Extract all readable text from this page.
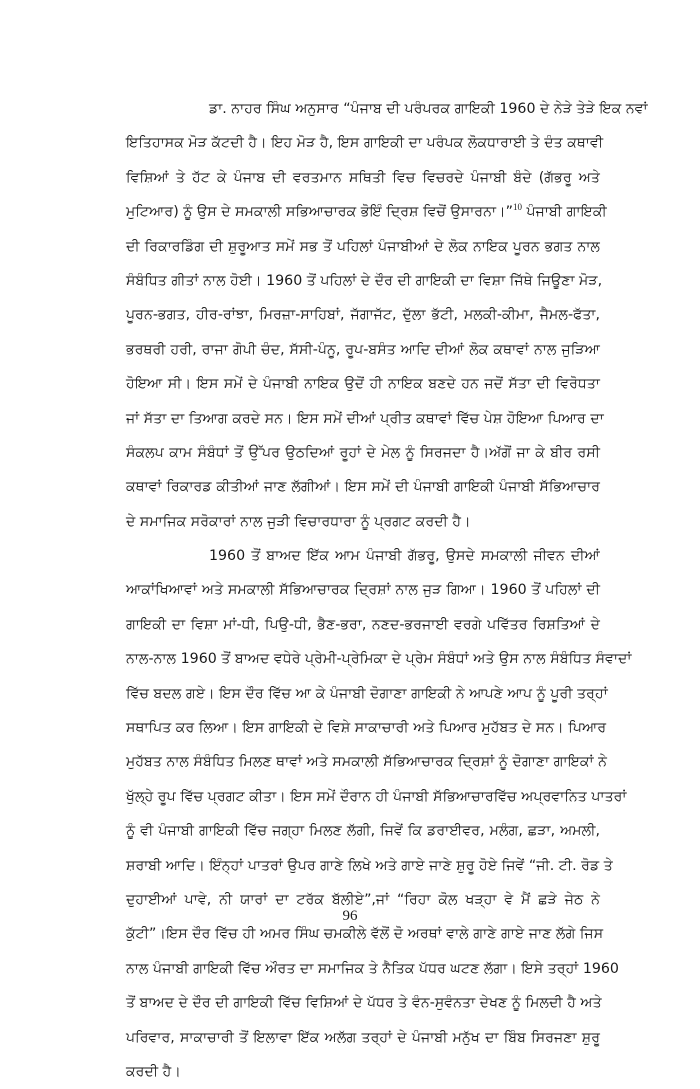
ਡਾ. ਨਾਹਰ ਸਿੰਘ ਅਨੁਸਾਰ “ਪੰਜਾਬ ਦੀ ਪਰੰਪਰਕ ਗਾਇਕੀ 1960 ਦੇ ਨੇੜੇ ਤੇੜੇ ਇਕ ਨਵਾਂ
ਇਤਿਹਾਸਕ ਮੋੜ ਕੱਟਦੀ ਹੈ। ਇਹ ਮੋੜ ਹੈ, ਇਸ ਗਾਇਕੀ ਦਾ ਪਰੰਪਕ ਲੋਕਧਾਰਾਈ ਤੇ ਦੰਤ ਕਥਾਵੀ
ਵਿਸ਼ਿਆਂ ਤੇ ਹੱਟ ਕੇ ਪੰਜਾਬ ਦੀ ਵਰਤਮਾਨ ਸਥਿਤੀ ਵਿਚ ਵਿਚਰਦੇ ਪੰਜਾਬੀ ਬੰਦੇ (ਗੱਭਰੂ ਅਤੇ
ਮੁਟਿਆਰ) ਨੂੰ ਉਸ ਦੇ ਸਮਕਾਲੀ ਸਭਿਆਚਾਰਕ ਭੋਇੰ ਦ੍ਰਿਸ਼ ਵਿਚੋਂ ਉਸਾਰਨਾ।”$^{10}$ ਪੰਜਾਬੀ ਗਾਇਕੀ
ਦੀ ਰਿਕਾਰਡਿੰਗ ਦੀ ਸ਼ੁਰੂਆਤ ਸਮੇਂ ਸਭ ਤੋਂ ਪਹਿਲਾਂ ਪੰਜਾਬੀਆਂ ਦੇ ਲੋਕ ਨਾਇਕ ਪੂਰਨ ਭਗਤ ਨਾਲ
ਸੰਬੰਧਿਤ ਗੀਤਾਂ ਨਾਲ ਹੋਈ। 1960 ਤੋਂ ਪਹਿਲਾਂ ਦੇ ਦੌਰ ਦੀ ਗਾਇਕੀ ਦਾ ਵਿਸ਼ਾ ਜਿੱਥੇ ਜਿਊਣਾ ਮੋੜ,
ਪੂਰਨ-ਭਗਤ, ਹੀਰ-ਰਾਂਝਾ, ਮਿਰਜ਼ਾ-ਸਾਹਿਬਾਂ, ਜੱਗਾਜੱਟ, ਦੁੱਲਾ ਭੱਟੀ, ਮਲਕੀ-ਕੀਮਾ, ਜੈਮਲ-ਫੱਤਾ,
ਭਰਥਰੀ ਹਰੀ, ਰਾਜਾ ਗੋਪੀ ਚੰਦ, ਸੱਸੀ-ਪੰਨੂ, ਰੂਪ-ਬਸੰਤ ਆਦਿ ਦੀਆਂ ਲੋਕ ਕਥਾਵਾਂ ਨਾਲ ਜੁੜਿਆ
ਹੋਇਆ ਸੀ। ਇਸ ਸਮੇਂ ਦੇ ਪੰਜਾਬੀ ਨਾਇਕ ਉਦੋਂ ਹੀ ਨਾਇਕ ਬਣਦੇ ਹਨ ਜਦੋਂ ਸੱਤਾ ਦੀ ਵਿਰੋਧਤਾ
ਜਾਂ ਸੱਤਾ ਦਾ ਤਿਆਗ ਕਰਦੇ ਸਨ। ਇਸ ਸਮੇਂ ਦੀਆਂ ਪ੍ਰੀਤ ਕਥਾਵਾਂ ਵਿੱਚ ਪੇਸ਼ ਹੋਇਆ ਪਿਆਰ ਦਾ
ਸੰਕਲਪ ਕਾਮ ਸੰਬੰਧਾਂ ਤੋਂ ਉੱਪਰ ਉਠਦਿਆਂ ਰੂਹਾਂ ਦੇ ਮੇਲ ਨੂੰ ਸਿਰਜਦਾ ਹੈ।ਅੱਗੋਂ ਜਾ ਕੇ ਬੀਰ ਰਸੀ
ਕਥਾਵਾਂ ਰਿਕਾਰਡ ਕੀਤੀਆਂ ਜਾਣ ਲੱਗੀਆਂ। ਇਸ ਸਮੇਂ ਦੀ ਪੰਜਾਬੀ ਗਾਇਕੀ ਪੰਜਾਬੀ ਸੱਭਿਆਚਾਰ
ਦੇ ਸਮਾਜਿਕ ਸਰੋਕਾਰਾਂ ਨਾਲ ਜੁੜੀ ਵਿਚਾਰਧਾਰਾ ਨੂੰ ਪ੍ਰਗਟ ਕਰਦੀ ਹੈ।
1960 ਤੋਂ ਬਾਅਦ ਇੱਕ ਆਮ ਪੰਜਾਬੀ ਗੱਭਰੂ, ਉਸਦੇ ਸਮਕਾਲੀ ਜੀਵਨ ਦੀਆਂ
ਆਕਾਂਖਿਆਵਾਂ ਅਤੇ ਸਮਕਾਲੀ ਸੱਭਿਆਚਾਰਕ ਦ੍ਰਿਸ਼ਾਂ ਨਾਲ ਜੁੜ ਗਿਆ। 1960 ਤੋਂ ਪਹਿਲਾਂ ਦੀ
ਗਾਇਕੀ ਦਾ ਵਿਸ਼ਾ ਮਾਂ-ਧੀ, ਪਿਉ-ਧੀ, ਭੈਣ-ਭਰਾ, ਨਣਦ-ਭਰਜਾਈ ਵਰਗੇ ਪਵਿੱਤਰ ਰਿਸ਼ਤਿਆਂ ਦੇ
ਨਾਲ-ਨਾਲ 1960 ਤੋਂ ਬਾਅਦ ਵਧੇਰੇ ਪ੍ਰੇਮੀ-ਪ੍ਰੇਮਿਕਾ ਦੇ ਪ੍ਰੇਮ ਸੰਬੰਧਾਂ ਅਤੇ ਉਸ ਨਾਲ ਸੰਬੰਧਿਤ ਸੰਵਾਦਾਂ
ਵਿੱਚ ਬਦਲ ਗਏ। ਇਸ ਦੌਰ ਵਿੱਚ ਆ ਕੇ ਪੰਜਾਬੀ ਦੋਗਾਣਾ ਗਾਇਕੀ ਨੇ ਆਪਣੇ ਆਪ ਨੂੰ ਪੂਰੀ ਤਰ੍ਹਾਂ
ਸਥਾਪਿਤ ਕਰ ਲਿਆ। ਇਸ ਗਾਇਕੀ ਦੇ ਵਿਸ਼ੇ ਸਾਕਾਚਾਰੀ ਅਤੇ ਪਿਆਰ ਮੁਹੱਬਤ ਦੇ ਸਨ। ਪਿਆਰ
ਮੁਹੱਬਤ ਨਾਲ ਸੰਬੰਧਿਤ ਮਿਲਣ ਥਾਵਾਂ ਅਤੇ ਸਮਕਾਲੀ ਸੱਭਿਆਚਾਰਕ ਦ੍ਰਿਸ਼ਾਂ ਨੂੰ ਦੋਗਾਣਾ ਗਾਇਕਾਂ ਨੇ
ਖੁੱਲ੍ਹੇ ਰੂਪ ਵਿੱਚ ਪ੍ਰਗਟ ਕੀਤਾ। ਇਸ ਸਮੇਂ ਦੌਰਾਨ ਹੀ ਪੰਜਾਬੀ ਸੱਭਿਆਚਾਰਵਿੱਚ ਅਪ੍ਰਵਾਨਿਤ ਪਾਤਰਾਂ
ਨੂੰ ਵੀ ਪੰਜਾਬੀ ਗਾਇਕੀ ਵਿੱਚ ਜਗ੍ਹਾ ਮਿਲਣ ਲੱਗੀ, ਜਿਵੇਂ ਕਿ ਡਰਾਈਵਰ, ਮਲੰਗ, ਛੜਾ, ਅਮਲੀ,
ਸ਼ਰਾਬੀ ਆਦਿ। ਇੰਨ੍ਹਾਂ ਪਾਤਰਾਂ ਉਪਰ ਗਾਣੇ ਲਿਖੇ ਅਤੇ ਗਾਏ ਜਾਣੇ ਸ਼ੁਰੂ ਹੋਏ ਜਿਵੇਂ “ਜੀ. ਟੀ. ਰੋਡ ਤੇ
ਦੁਹਾਈਆਂ ਪਾਵੇ, ਨੀ ਯਾਰਾਂ ਦਾ ਟਰੱਕ ਬੱਲੀਏ”,ਜਾਂ “ਰਿਹਾ ਕੋਲ ਖੜ੍ਹਾ ਵੇ ਮੈਂ ਛੜੇ ਜੇਠ ਨੇ
ਕੁੱਟੀ”।ਇਸ ਦੌਰ ਵਿੱਚ ਹੀ ਅਮਰ ਸਿੰਘ ਚਮਕੀਲੇ ਵੱਲੋਂ ਦੋ ਅਰਥਾਂ ਵਾਲੇ ਗਾਣੇ ਗਾਏ ਜਾਣ ਲੱਗੇ ਜਿਸ
ਨਾਲ ਪੰਜਾਬੀ ਗਾਇਕੀ ਵਿੱਚ ਔਰਤ ਦਾ ਸਮਾਜਿਕ ਤੇ ਨੈਤਿਕ ਪੱਧਰ ਘਟਣ ਲੱਗਾ। ਇਸੇ ਤਰ੍ਹਾਂ 1960
ਤੋਂ ਬਾਅਦ ਦੇ ਦੌਰ ਦੀ ਗਾਇਕੀ ਵਿੱਚ ਵਿਸ਼ਿਆਂ ਦੇ ਪੱਧਰ ਤੇ ਵੰਨ-ਸੁਵੰਨਤਾ ਦੇਖਣ ਨੂੰ ਮਿਲਦੀ ਹੈ ਅਤੇ
ਪਰਿਵਾਰ, ਸਾਕਾਚਾਰੀ ਤੋਂ ਇਲਾਵਾ ਇੱਕ ਅਲੱਗ ਤਰ੍ਹਾਂ ਦੇ ਪੰਜਾਬੀ ਮਨੁੱਖ ਦਾ ਬਿੰਬ ਸਿਰਜਣਾ ਸ਼ੁਰੂ
ਕਰਦੀ ਹੈ।
96
